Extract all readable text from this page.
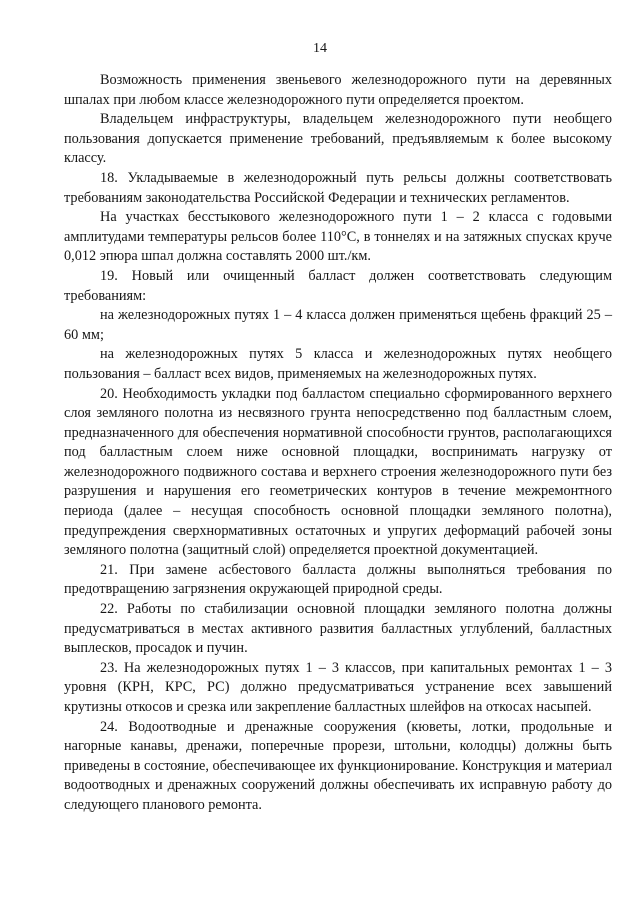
14

Возможность применения звеньевого железнодорожного пути на деревянных шпалах при любом классе железнодорожного пути определяется проектом.

Владельцем инфраструктуры, владельцем железнодорожного пути необщего пользования допускается применение требований, предъявляемым к более высокому классу.

18. Укладываемые в железнодорожный путь рельсы должны соответствовать требованиям законодательства Российской Федерации и технических регламентов.

На участках бесстыкового железнодорожного пути 1 – 2 класса с годовыми амплитудами температуры рельсов более 110°С, в тоннелях и на затяжных спусках круче 0,012 эпюра шпал должна составлять 2000 шт./км.

19. Новый или очищенный балласт должен соответствовать следующим требованиям:

на железнодорожных путях 1 – 4 класса должен применяться щебень фракций 25 – 60 мм;

на железнодорожных путях 5 класса и железнодорожных путях необщего пользования – балласт всех видов, применяемых на железнодорожных путях.

20. Необходимость укладки под балластом специально сформированного верхнего слоя земляного полотна из несвязного грунта непосредственно под балластным слоем, предназначенного для обеспечения нормативной способности грунтов, располагающихся под балластным слоем ниже основной площадки, воспринимать нагрузку от железнодорожного подвижного состава и верхнего строения железнодорожного пути без разрушения и нарушения его геометрических контуров в течение межремонтного периода (далее – несущая способность основной площадки земляного полотна), предупреждения сверхнормативных остаточных и упругих деформаций рабочей зоны земляного полотна (защитный слой) определяется проектной документацией.

21. При замене асбестового балласта должны выполняться требования по предотвращению загрязнения окружающей природной среды.

22. Работы по стабилизации основной площадки земляного полотна должны предусматриваться в местах активного развития балластных углублений, балластных выплесков, просадок и пучин.

23. На железнодорожных путях 1 – 3 классов, при капитальных ремонтах 1 – 3 уровня (КРН, КРС, РС) должно предусматриваться устранение всех завышений крутизны откосов и срезка или закрепление балластных шлейфов на откосах насыпей.

24. Водоотводные и дренажные сооружения (кюветы, лотки, продольные и нагорные канавы, дренажи, поперечные прорези, штольни, колодцы) должны быть приведены в состояние, обеспечивающее их функционирование. Конструкция и материал водоотводных и дренажных сооружений должны обеспечивать их исправную работу до следующего планового ремонта.
